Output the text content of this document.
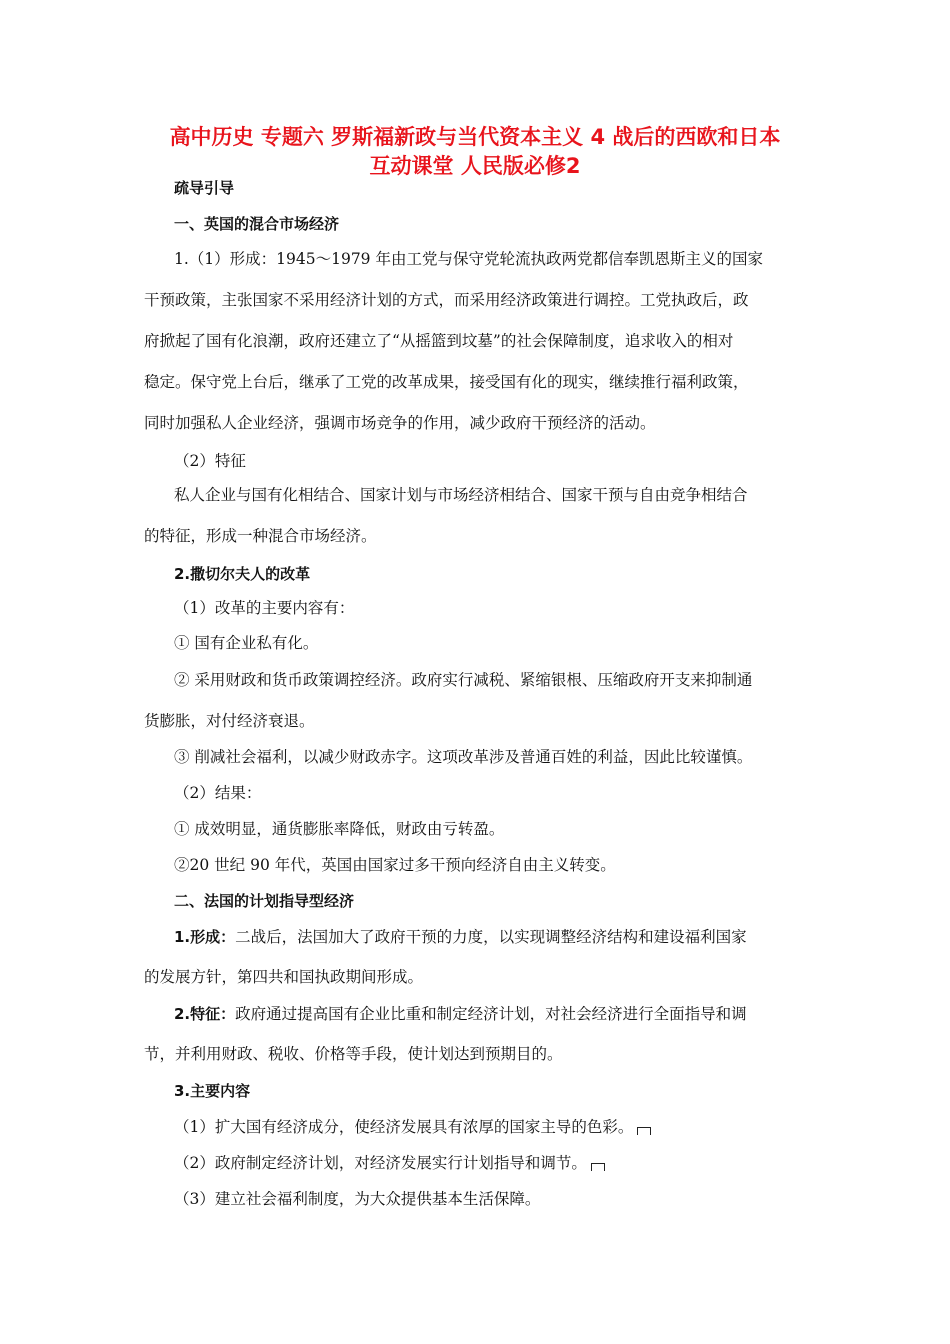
高中历史 专题六 罗斯福新政与当代资本主义 4 战后的西欧和日本
互动课堂 人民版必修2
疏导引导
一、英国的混合市场经济
1.（1）形成：1945～1979 年由工党与保守党轮流执政两党都信奉凯恩斯主义的国家
干预政策，主张国家不采用经济计划的方式，而采用经济政策进行调控。工党执政后，政
府掀起了国有化浪潮，政府还建立了“从摇篮到坟墓”的社会保障制度，追求收入的相对
稳定。保守党上台后，继承了工党的改革成果，接受国有化的现实，继续推行福利政策，
同时加强私人企业经济，强调市场竞争的作用，减少政府干预经济的活动。
（2）特征
私人企业与国有化相结合、国家计划与市场经济相结合、国家干预与自由竞争相结合
的特征，形成一种混合市场经济。
2.撒切尔夫人的改革
（1）改革的主要内容有：
① 国有企业私有化。
② 采用财政和货币政策调控经济。政府实行减税、紧缩银根、压缩政府开支来抑制通
货膨胀，对付经济衰退。
③ 削减社会福利，以减少财政赤字。这项改革涉及普通百姓的利益，因此比较谨慎。
（2）结果：
① 成效明显，通货膨胀率降低，财政由亏转盈。
②20 世纪 90 年代，英国由国家过多干预向经济自由主义转变。
二、法国的计划指导型经济
1.形成：二战后，法国加大了政府干预的力度，以实现调整经济结构和建设福利国家
的发展方针，第四共和国执政期间形成。
2.特征：政府通过提高国有企业比重和制定经济计划，对社会经济进行全面指导和调
节，并利用财政、税收、价格等手段，使计划达到预期目的。
3.主要内容
（1）扩大国有经济成分，使经济发展具有浓厚的国家主导的色彩。
（2）政府制定经济计划，对经济发展实行计划指导和调节。
（3）建立社会福利制度，为大众提供基本生活保障。
